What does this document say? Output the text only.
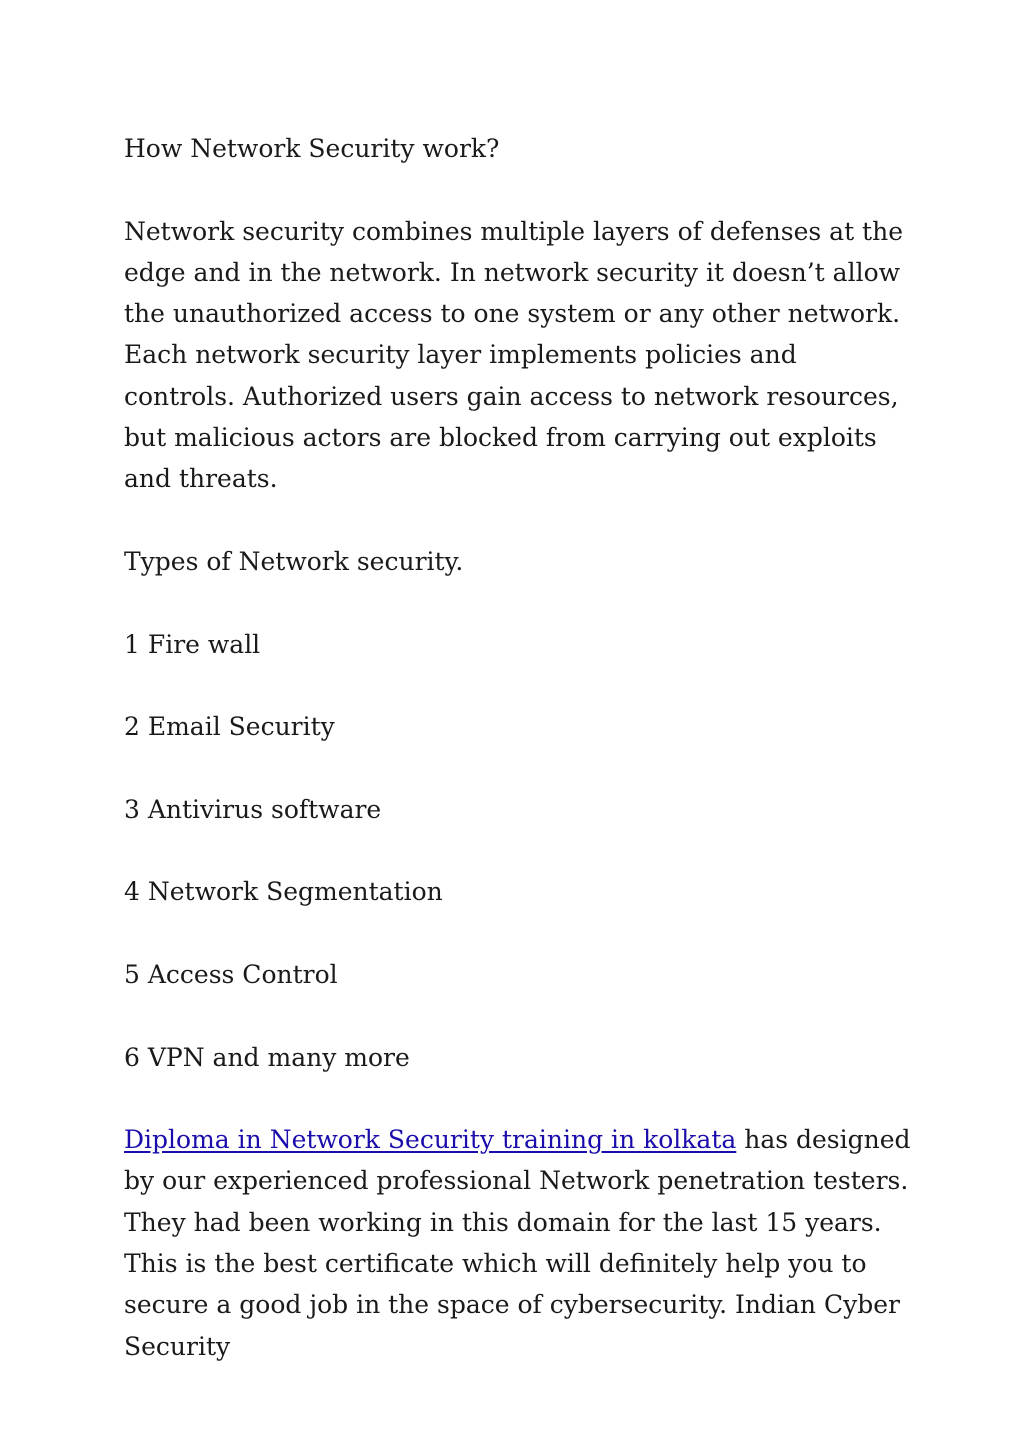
How Network Security work?

Network security combines multiple layers of defenses at the edge and in the network. In network security it doesn’t allow the unauthorized access to one system or any other network. Each network security layer implements policies and controls. Authorized users gain access to network resources, but malicious actors are blocked from carrying out exploits and threats.

Types of Network security.

1 Fire wall

2 Email Security

3 Antivirus software

4 Network Segmentation

5 Access Control

6 VPN and many more

Diploma in Network Security training in kolkata has designed by our experienced professional Network penetration testers. They had been working in this domain for the last 15 years. This is the best certificate which will definitely help you to secure a good job in the space of cybersecurity. Indian Cyber Security
